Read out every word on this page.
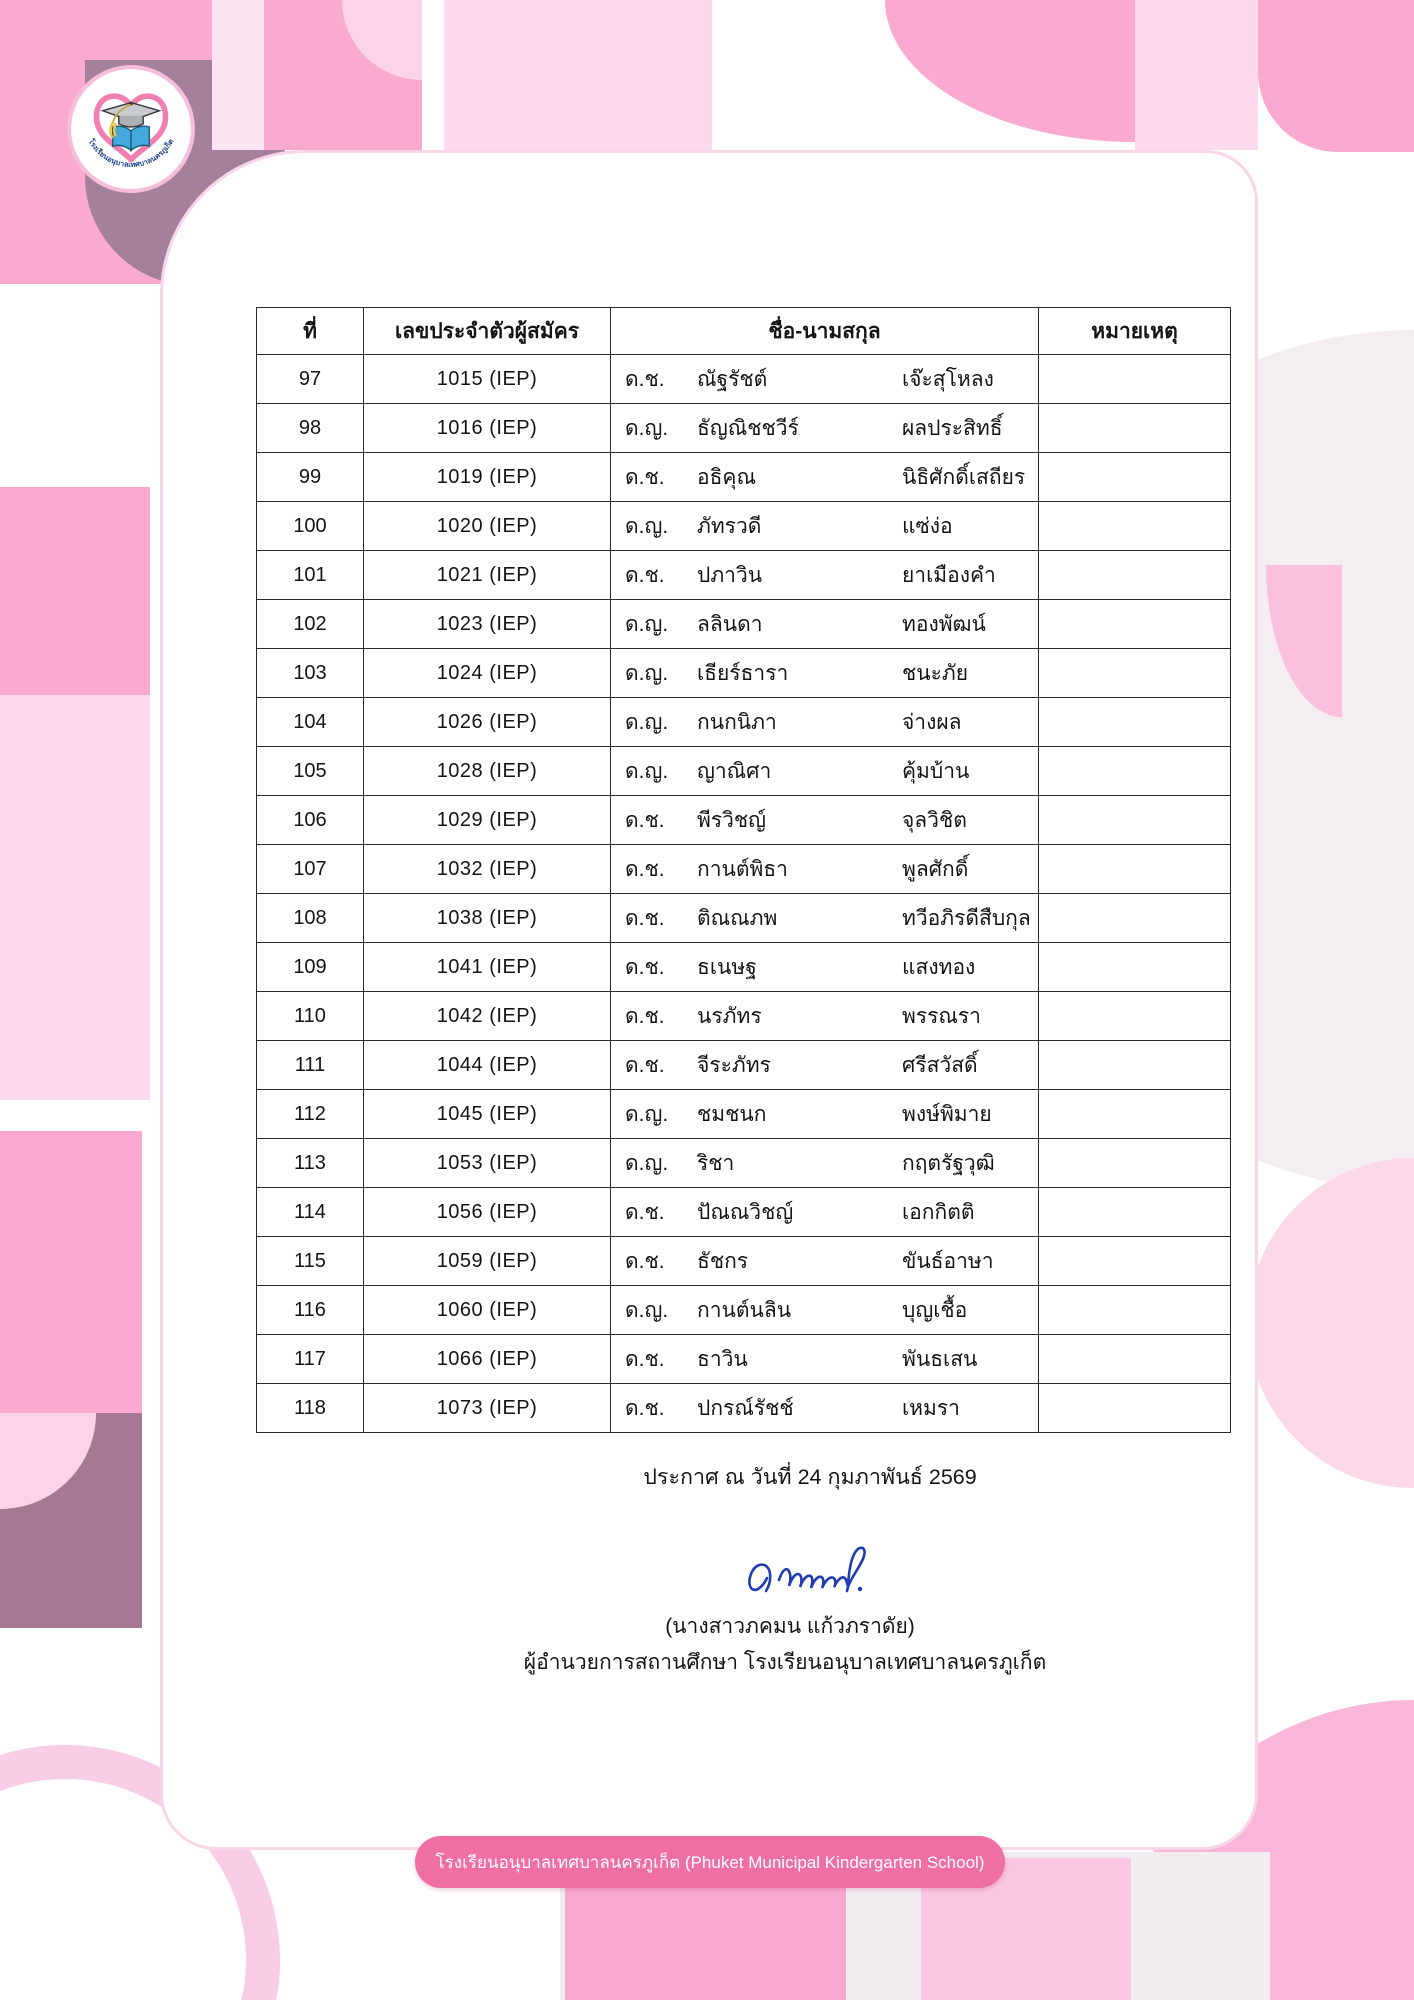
โรงเรียนอนุบาลเทศบาลนครภูเก็ต
ที่	เลขประจำตัวผู้สมัคร	ชื่อ-นามสกุล	หมายเหตุ
97	1015 (IEP)	ด.ช. ณัฐรัชต์ เจ๊ะสุโหลง	
98	1016 (IEP)	ด.ญ. ธัญณิชชวีร์ ผลประสิทธิ์	
99	1019 (IEP)	ด.ช. อธิคุณ นิธิศักดิ์เสถียร	
100	1020 (IEP)	ด.ญ. ภัทรวดี แซ่ง่อ	
101	1021 (IEP)	ด.ช. ปภาวิน ยาเมืองคำ	
102	1023 (IEP)	ด.ญ. ลลินดา ทองพัฒน์	
103	1024 (IEP)	ด.ญ. เธียร์ธารา ชนะภัย	
104	1026 (IEP)	ด.ญ. กนกนิภา จ่างผล	
105	1028 (IEP)	ด.ญ. ญาณิศา คุ้มบ้าน	
106	1029 (IEP)	ด.ช. พีรวิชญ์ จุลวิชิต	
107	1032 (IEP)	ด.ช. กานต์พิธา พูลศักดิ์	
108	1038 (IEP)	ด.ช. ติณณภพ ทวีอภิรดีสืบกุล	
109	1041 (IEP)	ด.ช. ธเนษฐ แสงทอง	
110	1042 (IEP)	ด.ช. นรภัทร พรรณรา	
111	1044 (IEP)	ด.ช. จีระภัทร ศรีสวัสดิ์	
112	1045 (IEP)	ด.ญ. ชมชนก พงษ์พิมาย	
113	1053 (IEP)	ด.ญ. ริชา กฤตรัฐวุฒิ	
114	1056 (IEP)	ด.ช. ปัณณวิชญ์ เอกกิตติ	
115	1059 (IEP)	ด.ช. ธัชกร ขันธ์อาษา	
116	1060 (IEP)	ด.ญ. กานต์นลิน บุญเชื้อ	
117	1066 (IEP)	ด.ช. ธาวิน พันธเสน	
118	1073 (IEP)	ด.ช. ปกรณ์รัชช์ เหมรา	
ประกาศ ณ วันที่ 24 กุมภาพันธ์ 2569
(นางสาวภคมน แก้วภราดัย)
ผู้อำนวยการสถานศึกษา โรงเรียนอนุบาลเทศบาลนครภูเก็ต
โรงเรียนอนุบาลเทศบาลนครภูเก็ต (Phuket Municipal Kindergarten School)
